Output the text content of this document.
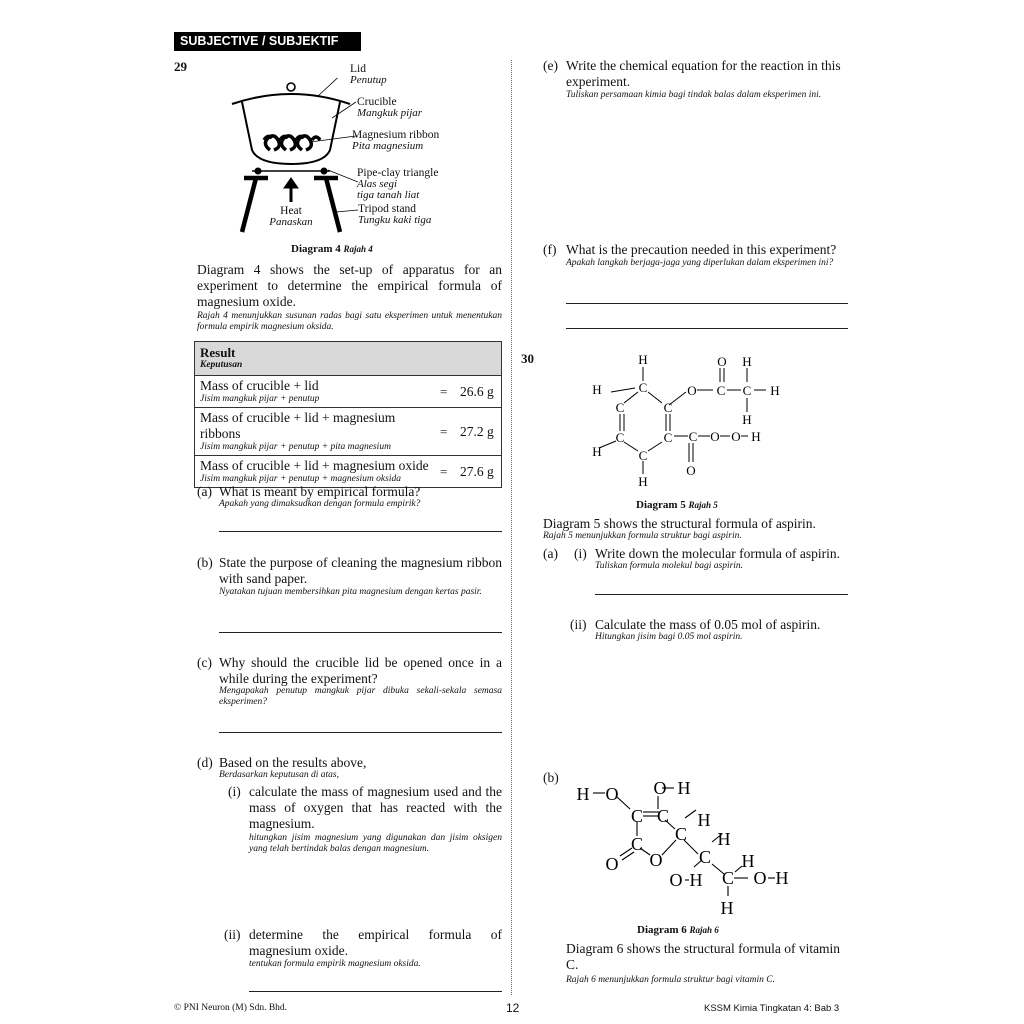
SUBJECTIVE / SUBJEKTIF
29	Lid
Penutup
Crucible
Mangkuk pijar
Magnesium ribbon
Pita magnesium
Pipe-clay triangle
Alas segi
tiga tanah liat
Heat
Panaskan
Tripod stand
Tungku kaki tiga
Diagram 4 Rajah 4
Diagram 4 shows the set-up of apparatus for an experiment to determine the empirical formula of magnesium oxide.
Rajah 4 menunjukkan susunan radas bagi satu eksperimen untuk menentukan formula empirik magnesium oksida.
Result
Keputusan		

Mass of crucible + lid
Jisim mangkuk pijar + penutup	=	26.6 g

Mass of crucible + lid + magnesium ribbons
Jisim mangkuk pijar + penutup + pita magnesium	=	27.2 g

Mass of crucible + lid + magnesium oxide
Jisim mangkuk pijar + penutup + magnesium oksida	=	27.6 g
(a) What is meant by empirical formula?
Apakah yang dimaksudkan dengan formula empirik?
(b) State the purpose of cleaning the magnesium ribbon with sand paper.
Nyatakan tujuan membersihkan pita magnesium dengan kertas pasir.
(c) Why should the crucible lid be opened once in a while during the experiment?
Mengapakah penutup mangkuk pijar dibuka sekali-sekala semasa eksperimen?
(d) Based on the results above,
Berdasarkan keputusan di atas,
(i) calculate the mass of magnesium used and the mass of oxygen that has reacted with the magnesium.
hitungkan jisim magnesium yang digunakan dan jisim oksigen yang telah bertindak balas dengan magnesium.
(ii) determine the empirical formula of magnesium oxide.
tentukan formula empirik magnesium oksida.
(e) Write the chemical equation for the reaction in this experiment.
Tuliskan persamaan kimia bagi tindak balas dalam eksperimen ini.
(f) What is the precaution needed in this experiment?
Apakah langkah berjaga-jaga yang diperlukan dalam eksperimen ini?
30	H
H	C
C	C
C	C
C
H
H
O
O
C
H
C H
H
C O O H
O
Diagram 5 Rajah 5
Diagram 5 shows the structural formula of aspirin.
Rajah 5 menunjukkan formula struktur bagi aspirin.
(a) (i) Write down the molecular formula of aspirin.
Tuliskan formula molekul bagi aspirin.
(ii) Calculate the mass of 0.05 mol of aspirin.
Hitungkan jisim bagi 0.05 mol aspirin.
(b)
H O O H
C C H
C
C	H
O O C H
O H C O H
H
Diagram 6 Rajah 6
Diagram 6 shows the structural formula of vitamin C.
Rajah 6 menunjukkan formula struktur bagi vitamin C.
© PNI Neuron (M) Sdn. Bhd.	12	KSSM Kimia Tingkatan 4: Bab 3
